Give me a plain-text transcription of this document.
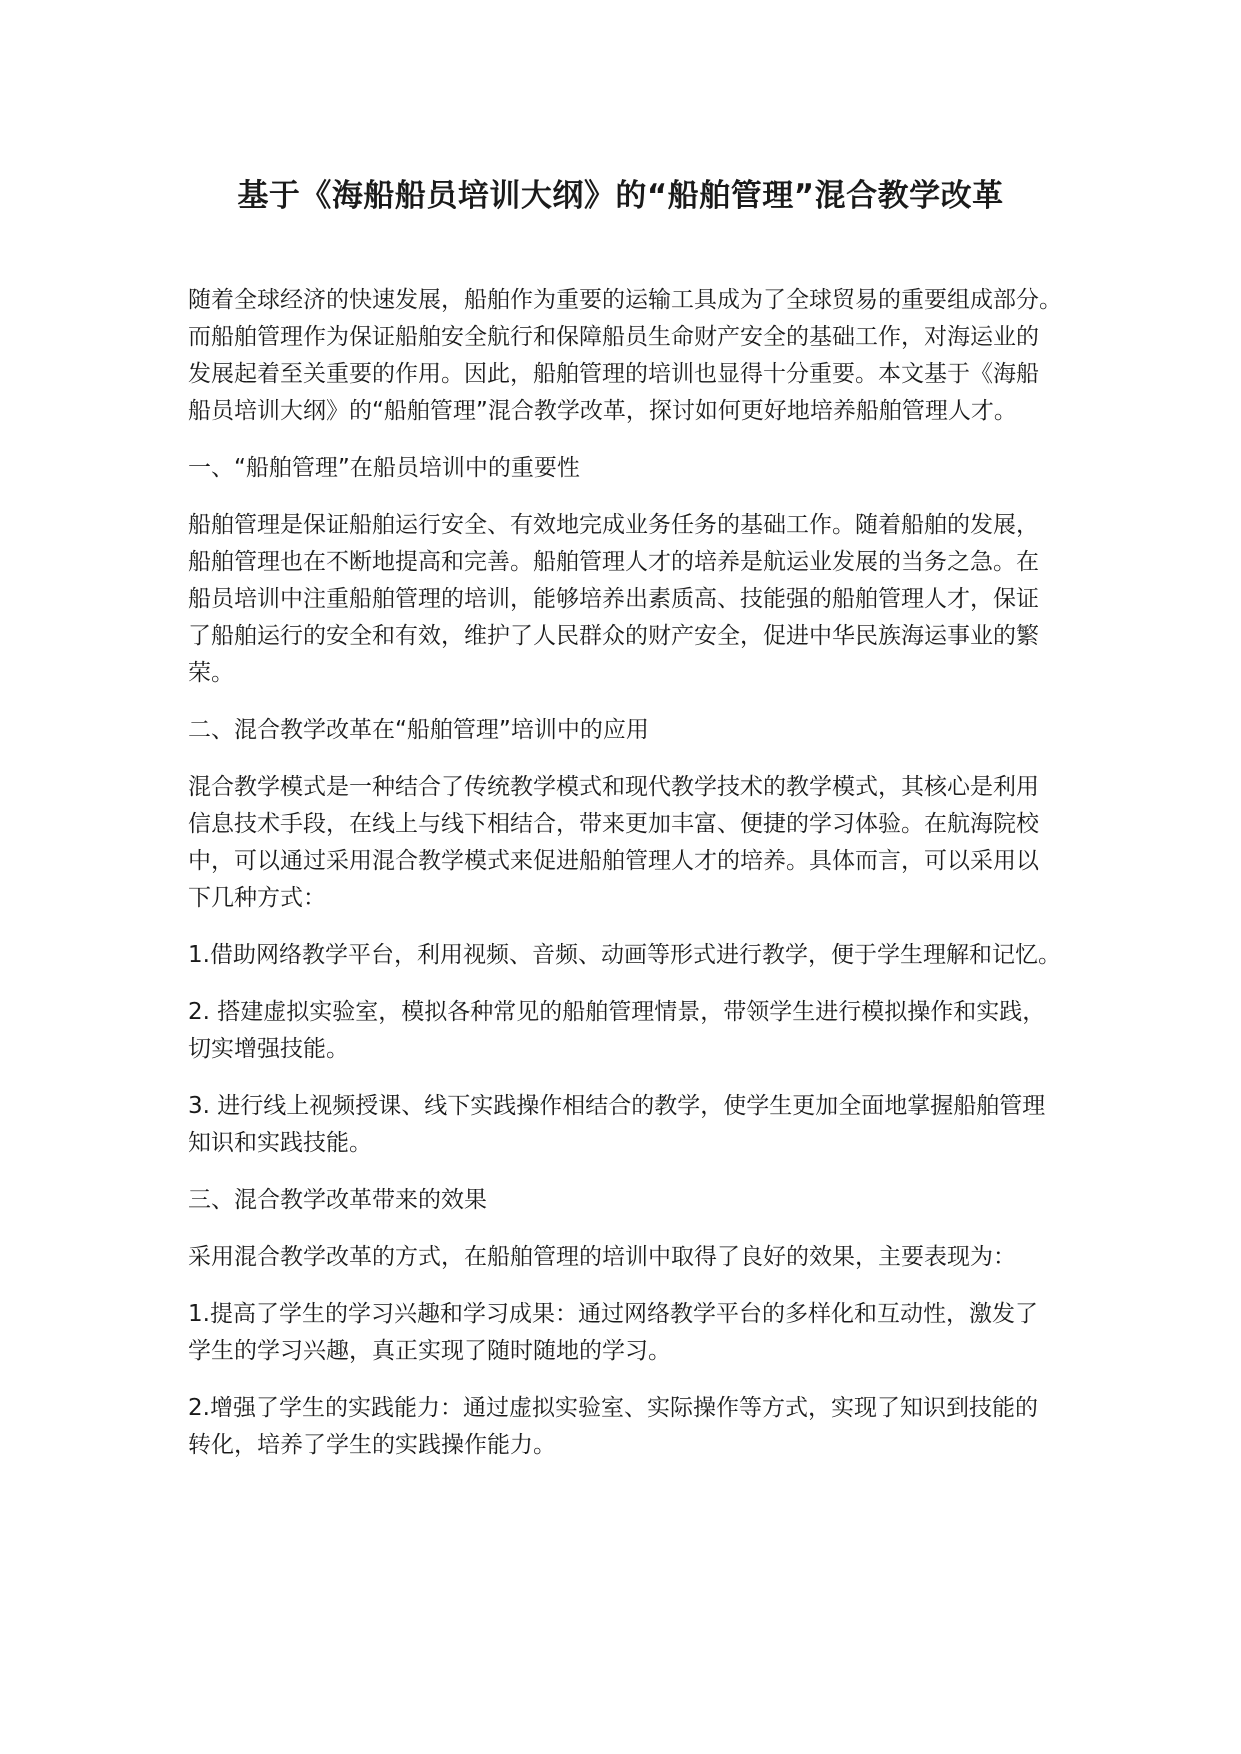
基于《海船船员培训大纲》的“船舶管理”混合教学改革

随着全球经济的快速发展，船舶作为重要的运输工具成为了全球贸易的重要组成部分。
而船舶管理作为保证船舶安全航行和保障船员生命财产安全的基础工作，对海运业的
发展起着至关重要的作用。因此，船舶管理的培训也显得十分重要。本文基于《海船
船员培训大纲》的“船舶管理”混合教学改革，探讨如何更好地培养船舶管理人才。

一、“船舶管理”在船员培训中的重要性

船舶管理是保证船舶运行安全、有效地完成业务任务的基础工作。随着船舶的发展，
船舶管理也在不断地提高和完善。船舶管理人才的培养是航运业发展的当务之急。在
船员培训中注重船舶管理的培训，能够培养出素质高、技能强的船舶管理人才，保证
了船舶运行的安全和有效，维护了人民群众的财产安全，促进中华民族海运事业的繁
荣。

二、混合教学改革在“船舶管理”培训中的应用

混合教学模式是一种结合了传统教学模式和现代教学技术的教学模式，其核心是利用
信息技术手段，在线上与线下相结合，带来更加丰富、便捷的学习体验。在航海院校
中，可以通过采用混合教学模式来促进船舶管理人才的培养。具体而言，可以采用以
下几种方式：

1.借助网络教学平台，利用视频、音频、动画等形式进行教学，便于学生理解和记忆。

2. 搭建虚拟实验室，模拟各种常见的船舶管理情景，带领学生进行模拟操作和实践，
切实增强技能。

3. 进行线上视频授课、线下实践操作相结合的教学，使学生更加全面地掌握船舶管理
知识和实践技能。

三、混合教学改革带来的效果

采用混合教学改革的方式，在船舶管理的培训中取得了良好的效果，主要表现为：

1.提高了学生的学习兴趣和学习成果：通过网络教学平台的多样化和互动性，激发了
学生的学习兴趣，真正实现了随时随地的学习。

2.增强了学生的实践能力：通过虚拟实验室、实际操作等方式，实现了知识到技能的
转化，培养了学生的实践操作能力。
